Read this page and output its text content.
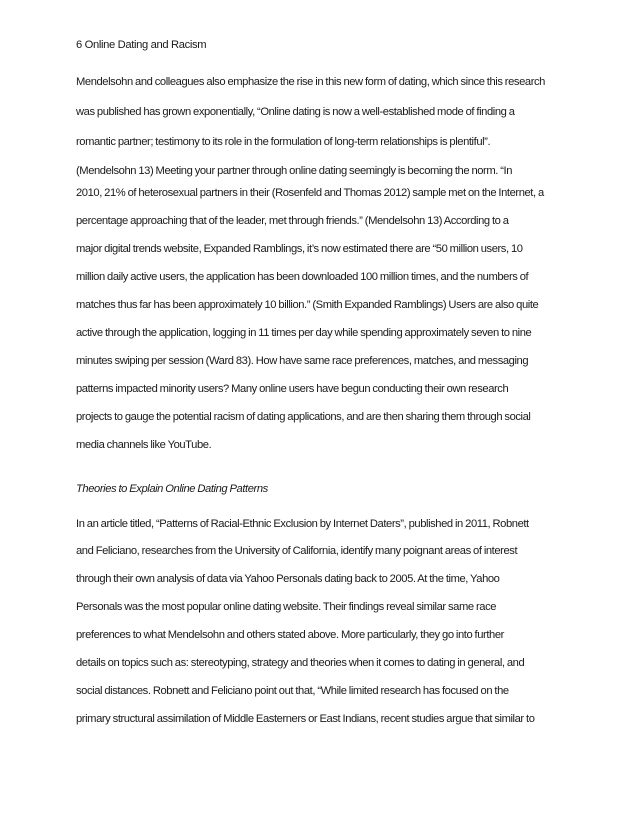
6 Online Dating and Racism
Mendelsohn and colleagues also emphasize the rise in this new form of dating, which since this research
was published has grown exponentially, “Online dating is now a well-established mode of finding a
romantic partner; testimony to its role in the formulation of long-term relationships is plentiful”.
(Mendelsohn 13) Meeting your partner through online dating seemingly is becoming the norm. “In
2010, 21% of heterosexual partners in their (Rosenfeld and Thomas 2012) sample met on the Internet, a
percentage approaching that of the leader, met through friends.” (Mendelsohn 13) According to a
major digital trends website, Expanded Ramblings, it’s now estimated there are “50 million users, 10
million daily active users, the application has been downloaded 100 million times, and the numbers of
matches thus far has been approximately 10 billion.” (Smith Expanded Ramblings) Users are also quite
active through the application, logging in 11 times per day while spending approximately seven to nine
minutes swiping per session (Ward 83). How have same race preferences, matches, and messaging
patterns impacted minority users? Many online users have begun conducting their own research
projects to gauge the potential racism of dating applications, and are then sharing them through social
media channels like YouTube.
Theories to Explain Online Dating Patterns
In an article titled, “Patterns of Racial-Ethnic Exclusion by Internet Daters”, published in 2011, Robnett
and Feliciano, researches from the University of California, identify many poignant areas of interest
through their own analysis of data via Yahoo Personals dating back to 2005. At the time, Yahoo
Personals was the most popular online dating website. Their findings reveal similar same race
preferences to what Mendelsohn and others stated above. More particularly, they go into further
details on topics such as: stereotyping, strategy and theories when it comes to dating in general, and
social distances. Robnett and Feliciano point out that, “While limited research has focused on the
primary structural assimilation of Middle Easterners or East Indians, recent studies argue that similar to
